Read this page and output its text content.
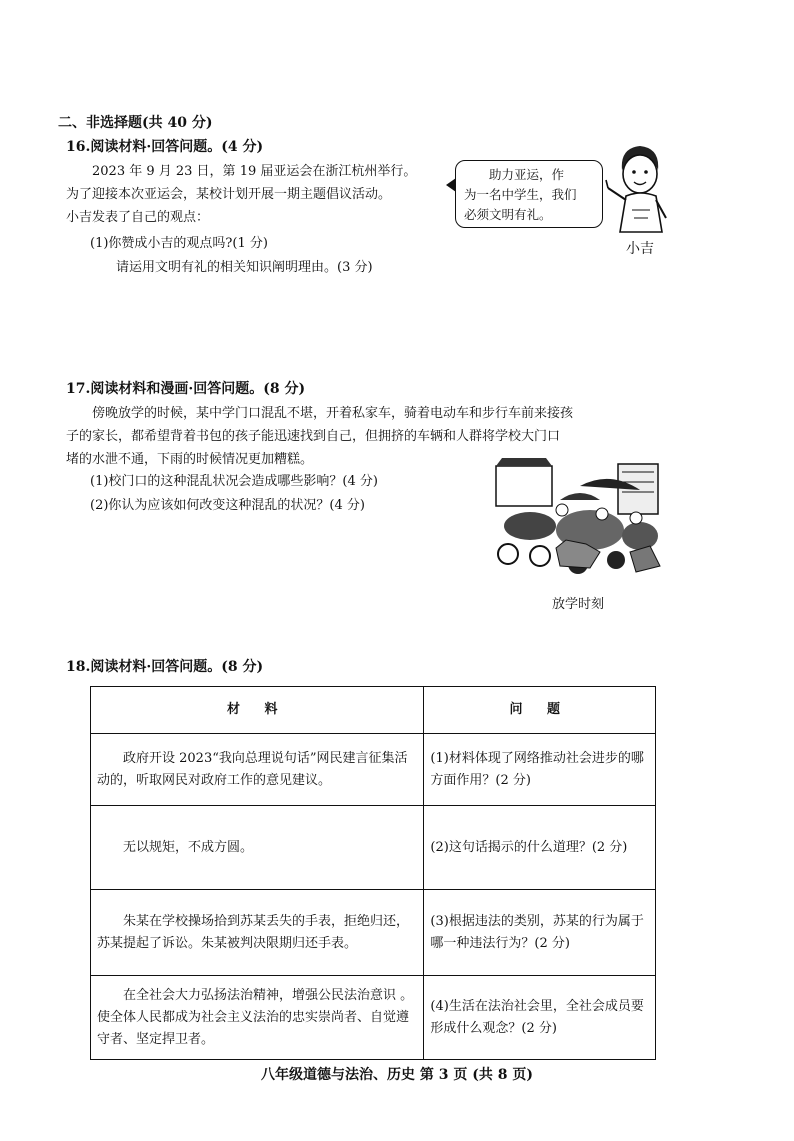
二、非选择题(共 40 分)
16.阅读材料·回答问题。(4 分)
2023 年 9 月 23 日，第 19 届亚运会在浙江杭州举行。
为了迎接本次亚运会，某校计划开展一期主题倡议活动。
小吉发表了自己的观点：
(1)你赞成小吉的观点吗?(1 分)
请运用文明有礼的相关知识阐明理由。(3 分)
助力亚运，作
为一名中学生，我们
必须文明有礼。
小吉
17.阅读材料和漫画·回答问题。(8 分)
傍晚放学的时候，某中学门口混乱不堪，开着私家车，骑着电动车和步行车前来接孩
子的家长，都希望背着书包的孩子能迅速找到自己，但拥挤的车辆和人群将学校大门口
堵的水泄不通，下雨的时候情况更加糟糕。
(1)校门口的这种混乱状况会造成哪些影响？(4 分)
(2)你认为应该如何改变这种混乱的状况？(4 分)
放学时刻
18.阅读材料·回答问题。(8 分)
材 料	问 题
政府开设 2023“我向总理说句话”网民建言征集活动的，听取网民对政府工作的意见建议。	(1)材料体现了网络推动社会进步的哪方面作用？(2 分)
无以规矩，不成方圆。	(2)这句话揭示的什么道理？(2 分)
朱某在学校操场拾到苏某丢失的手表，拒绝归还，苏某提起了诉讼。朱某被判决限期归还手表。	(3)根据违法的类别，苏某的行为属于哪一种违法行为？(2 分)
在全社会大力弘扬法治精神，增强公民法治意识 。使全体人民都成为社会主义法治的忠实崇尚者、自觉遵守者、坚定捍卫者。	(4)生活在法治社会里，全社会成员要形成什么观念？(2 分)
八年级道德与法治、历史 第 3 页 (共 8 页)
